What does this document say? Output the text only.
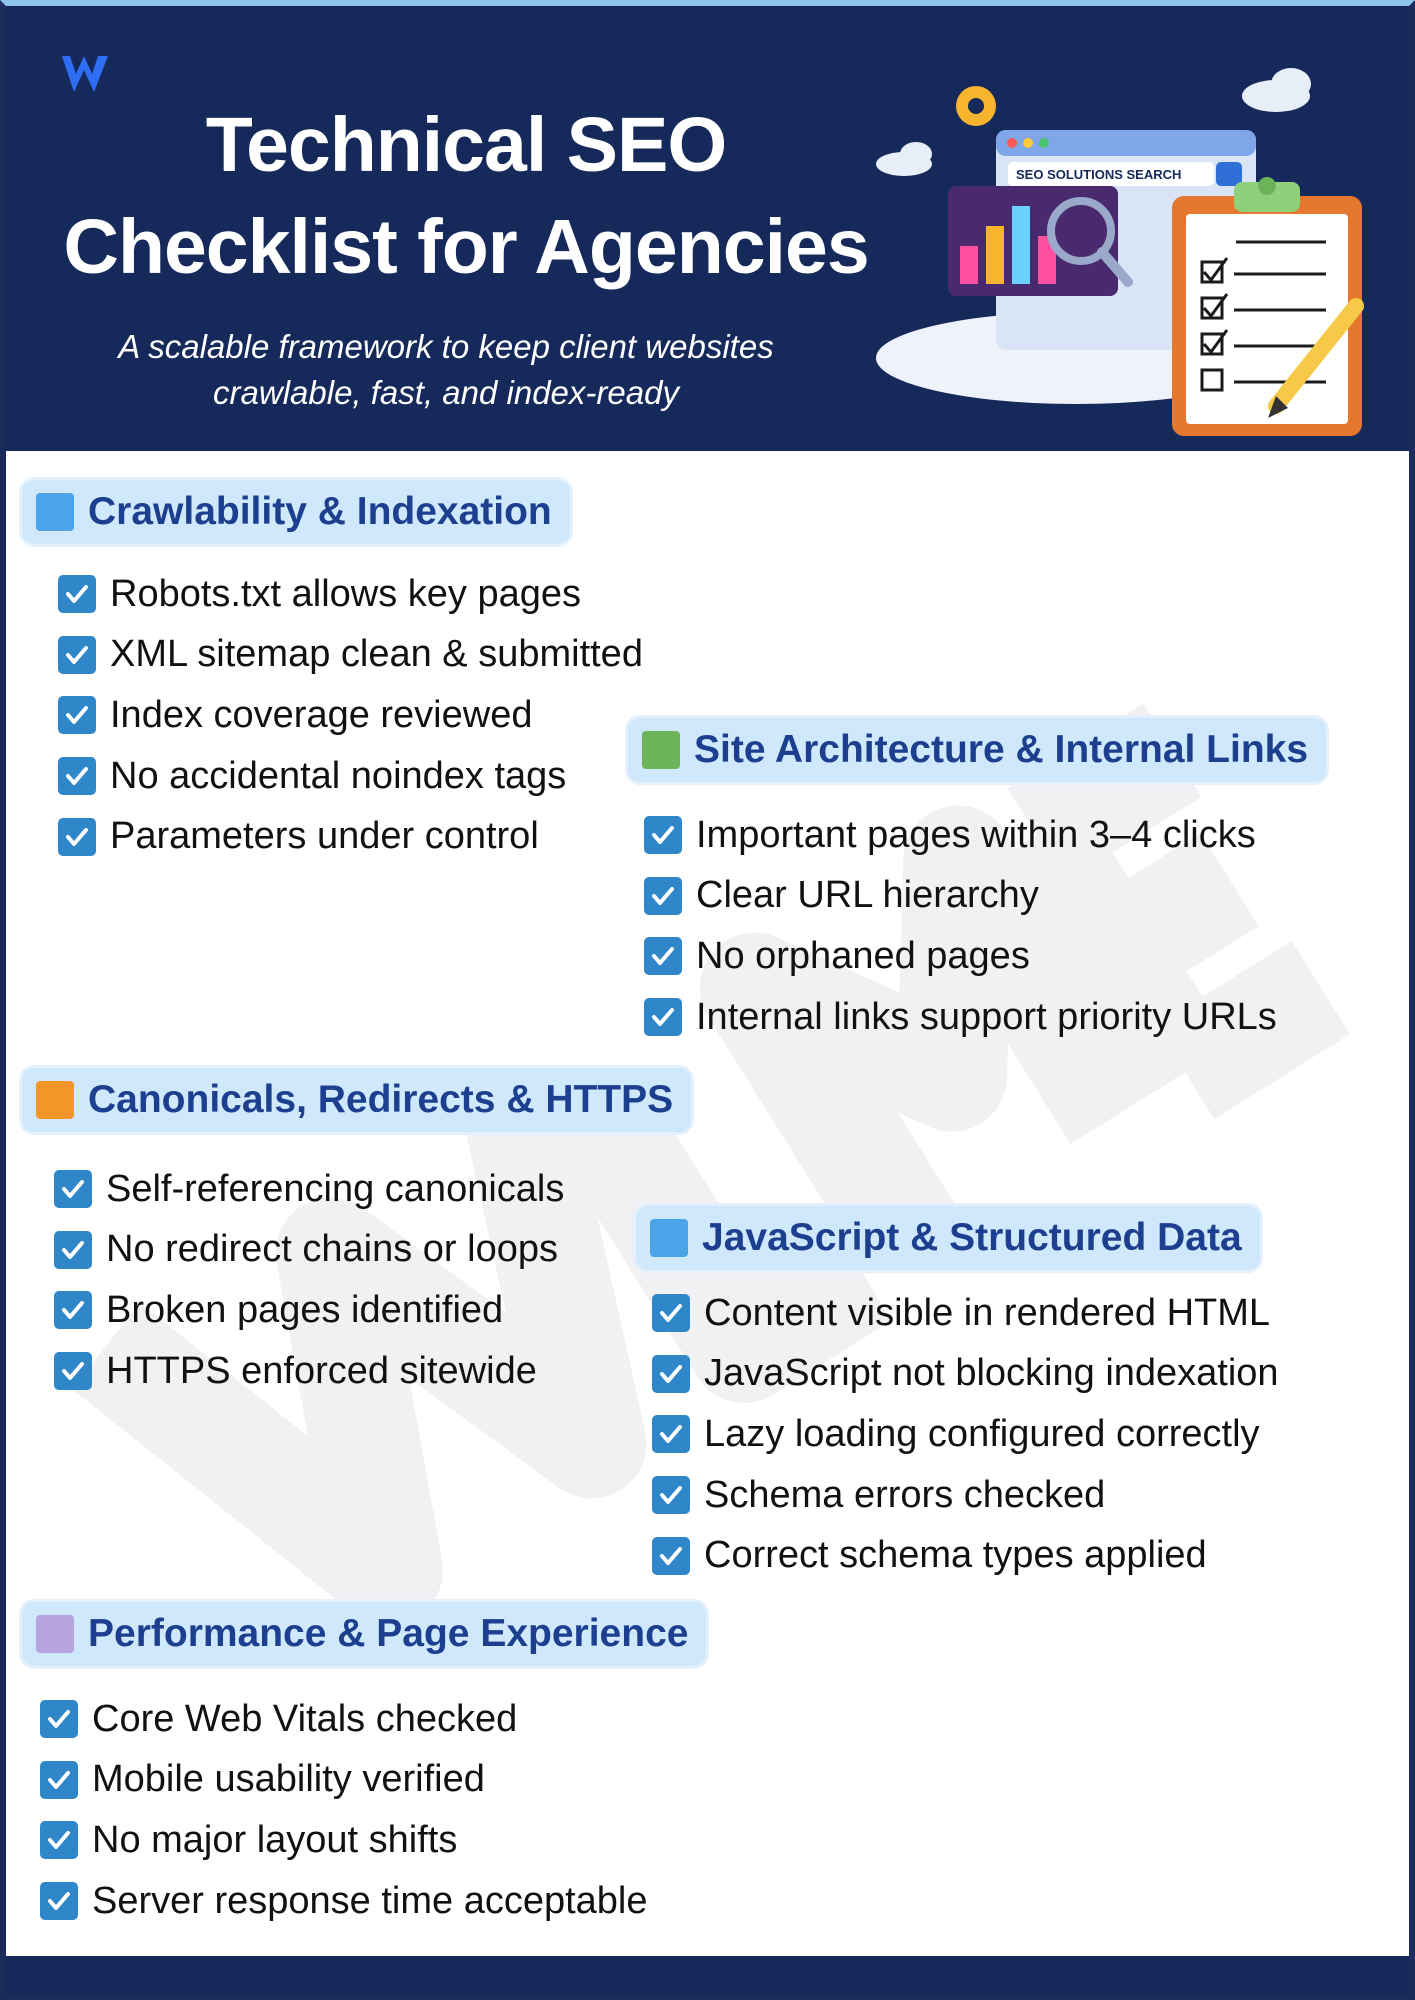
Technical SEO
Checklist for Agencies

A scalable framework to keep client websites
crawlable, fast, and index-ready

SEO SOLUTIONS SEARCH
Crawlability & Indexation
Robots.txt allows key pages
XML sitemap clean & submitted
Index coverage reviewed
No accidental noindex tags
Parameters under control
Site Architecture & Internal Links
Important pages within 3–4 clicks
Clear URL hierarchy
No orphaned pages
Internal links support priority URLs
Canonicals, Redirects & HTTPS
Self-referencing canonicals
No redirect chains or loops
Broken pages identified
HTTPS enforced sitewide
JavaScript & Structured Data
Content visible in rendered HTML
JavaScript not blocking indexation
Lazy loading configured correctly
Schema errors checked
Correct schema types applied
Performance & Page Experience
Core Web Vitals checked
Mobile usability verified
No major layout shifts
Server response time acceptable
